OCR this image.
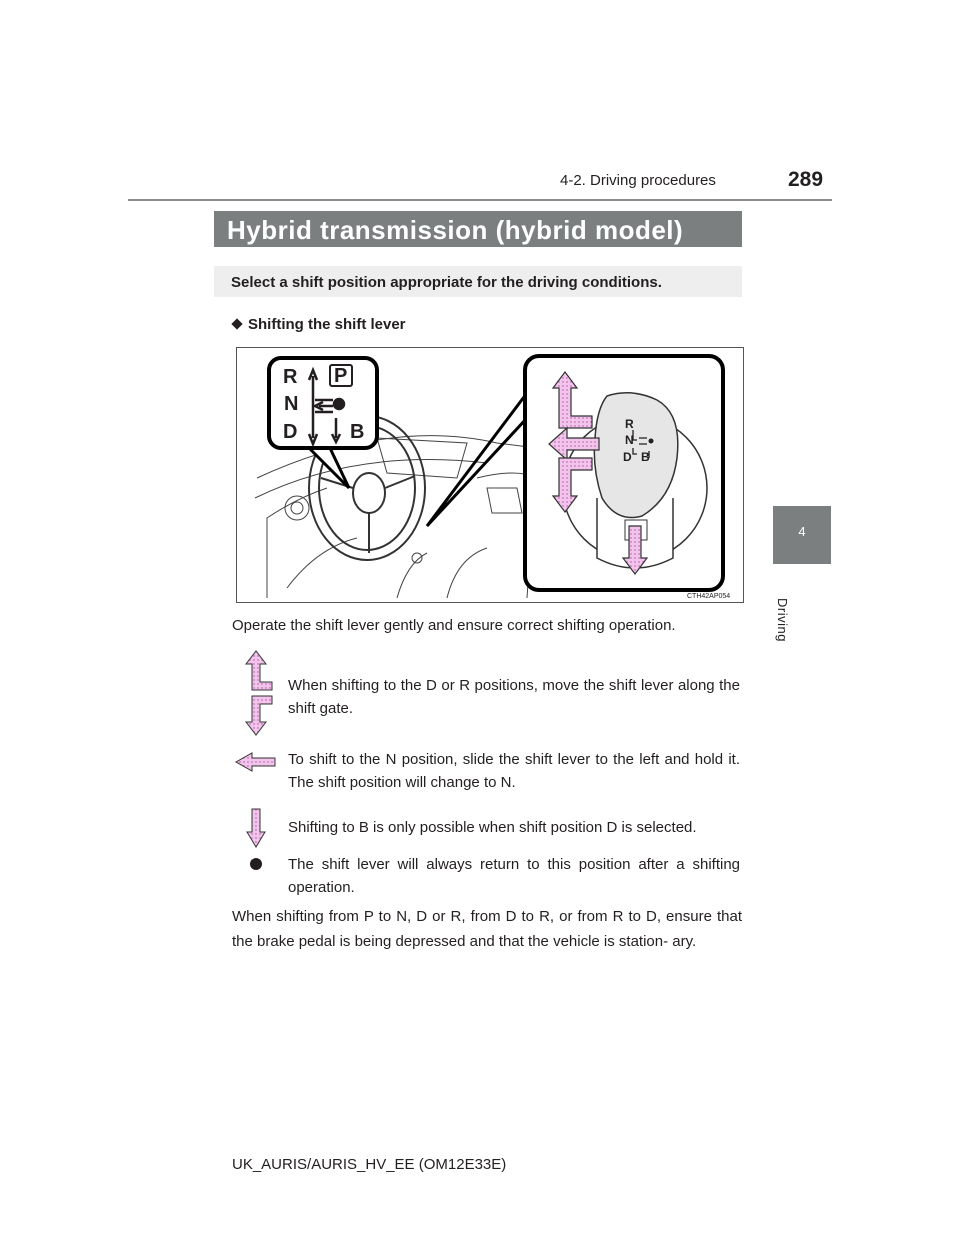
289
4-2. Driving procedures
Hybrid transmission (hybrid model)
Select a shift position appropriate for the driving conditions.
4
Driving
Shifting the shift lever
R P
N
D	B	R
N
D B
CTH42AP054
Operate the shift lever gently and ensure correct shifting operation.
When shifting to the D or R positions, move the shift lever along the shift gate.
To shift to the N position, slide the shift lever to the left and hold it. The shift position will change to N.
Shifting to B is only possible when shift position D is selected.
The shift lever will always return to this position after a shifting operation.
When shifting from P to N, D or R, from D to R, or from R to D, ensure that the brake pedal is being depressed and that the vehicle is station- ary.
UK_AURIS/AURIS_HV_EE (OM12E33E)
